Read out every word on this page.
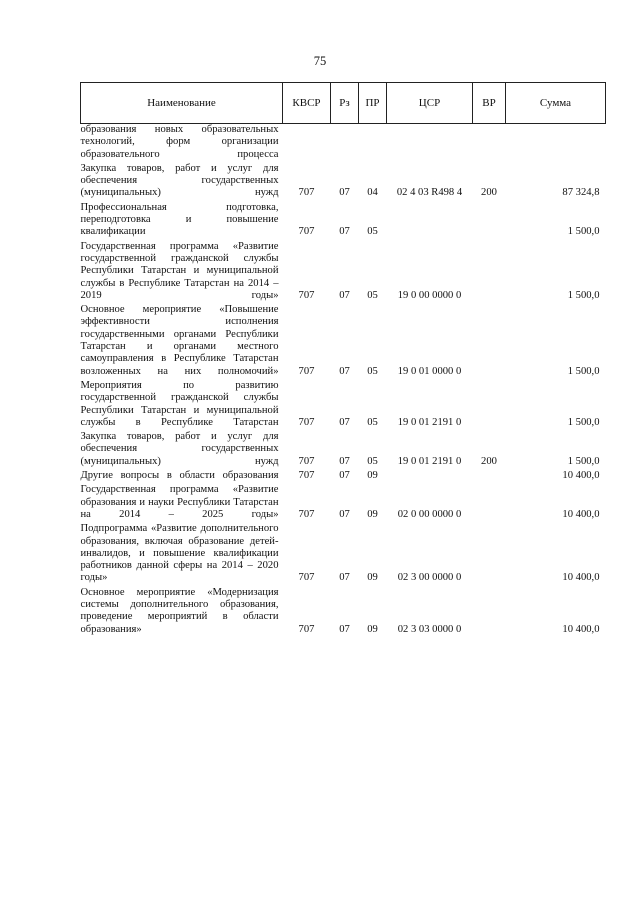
75
Наименование	КВСР	Рз	ПР	ЦСР	ВР	Сумма
образования новых образовательных технологий, форм организации образовательного процесса						
Закупка товаров, работ и услуг для обеспечения государственных (муниципальных) нужд	707	07	04	02 4 03 R498 4	200	87 324,8
Профессиональная подготовка, переподготовка и повышение квалификации	707	07	05			1 500,0
Государственная программа «Развитие государственной гражданской службы Республики Татарстан и муниципальной службы в Республике Татарстан на 2014 – 2019 годы»	707	07	05	19 0 00 0000 0		1 500,0
Основное мероприятие «Повышение эффективности исполнения государственными органами Республики Татарстан и органами местного самоуправления в Республике Татарстан возложенных на них полномочий»	707	07	05	19 0 01 0000 0		1 500,0
Мероприятия по развитию государственной гражданской службы Республики Татарстан и муниципальной службы в Республике Татарстан	707	07	05	19 0 01 2191 0		1 500,0
Закупка товаров, работ и услуг для обеспечения государственных (муниципальных) нужд	707	07	05	19 0 01 2191 0	200	1 500,0
Другие вопросы в области образования	707	07	09			10 400,0
Государственная программа «Развитие образования и науки Республики Татарстан на 2014 – 2025 годы»	707	07	09	02 0 00 0000 0		10 400,0
Подпрограмма «Развитие дополнительного образования, включая образование детей-инвалидов, и повышение квалификации работников данной сферы на 2014 – 2020 годы»	707	07	09	02 3 00 0000 0		10 400,0
Основное мероприятие «Модернизация системы дополнительного образования, проведение мероприятий в области образования»	707	07	09	02 3 03 0000 0		10 400,0
